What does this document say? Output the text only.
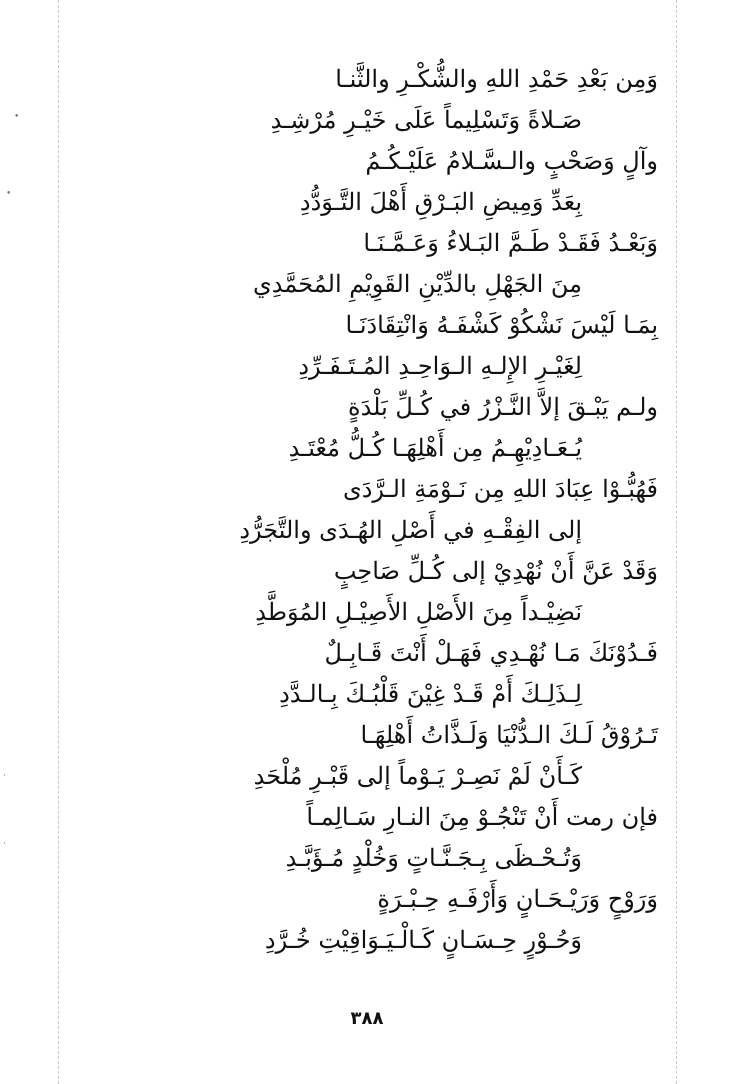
•
•
·
·
وَمِن بَعْدِ حَمْدِ اللهِ والشُّكْـرِ والثَّنـا
صَـلاةً وَتَسْلِيماً عَلَى خَيْـرِ مُرْشِـدِ
وآلٍ وَصَحْبٍ والـسَّـلامُ عَلَيْـكُـمُ
بِعَدِّ وَمِيضِ البَـرْقِ أَهْلَ التَّـوَدُّدِ
وَبَعْـدُ فَقَـدْ طَـمَّ البَـلاءُ وَعَـمَّـنَـا
مِنَ الجَهْلِ بالدِّيْنِ القَوِيْمِ المُحَمَّدِي
بِمَـا لَيْسَ نَشْكُوْ كَشْفَـهُ وَانْتِقَادَنَـا
لِغَيْـرِ الإِلـهِ الـوَاحِـدِ المُـتَـفَـرِّدِ
ولـم يَبْـقَ إلاَّ النَّـزْرُ في كُـلِّ بَلْدَةٍ
يُـعَـادِيْهِـمُ مِن أَهْلِهَـا كُـلُّ مُعْتَـدِ
فَهُبُّـوْا عِبَادَ اللهِ مِن نَـوْمَةِ الـرَّدَى
إلى الفِقْـهِ في أَصْلِ الهُـدَى والتَّجَرُّدِ
وَقَدْ عَنَّ أَنْ نُهْدِيْ إلى كُـلِّ صَاحِبٍ
نَضِيْـداً مِنَ الأَصْلِ الأَصِيْـلِ المُوَطَّدِ
فَـدُوْنَكَ مَـا نُهْـدِي فَهَـلْ أَنْتَ قَـابِـلٌ
لِـذَلِـكَ أَمْ قَـدْ غِيْنَ قَلْبُـكَ بِـالـدَّدِ
تَـرُوْقُ لَـكَ الـدُّنْيَا وَلَـذَّاتُ أَهْلِهَـا
كَـأَنْ لَمْ نَصِـرْ يَـوْماً إلى قَبْـرِ مُلْحَدِ
فإن رمت أَنْ تَنْجُـوْ مِنَ النـارِ سَـالِمـاً
وَتُـحْـظَى بِـجَـنَّـاتٍ وَخُلْدٍ مُـؤَبَّـدِ
وَرَوْحٍ وَرَيْـحَـانٍ وَأَرْفَـهِ حِـبْـرَةٍ
وَحُـوْرٍ حِـسَـانٍ كَـالْـيَـوَاقِيْتِ خُـرَّدِ
٣٨٨
